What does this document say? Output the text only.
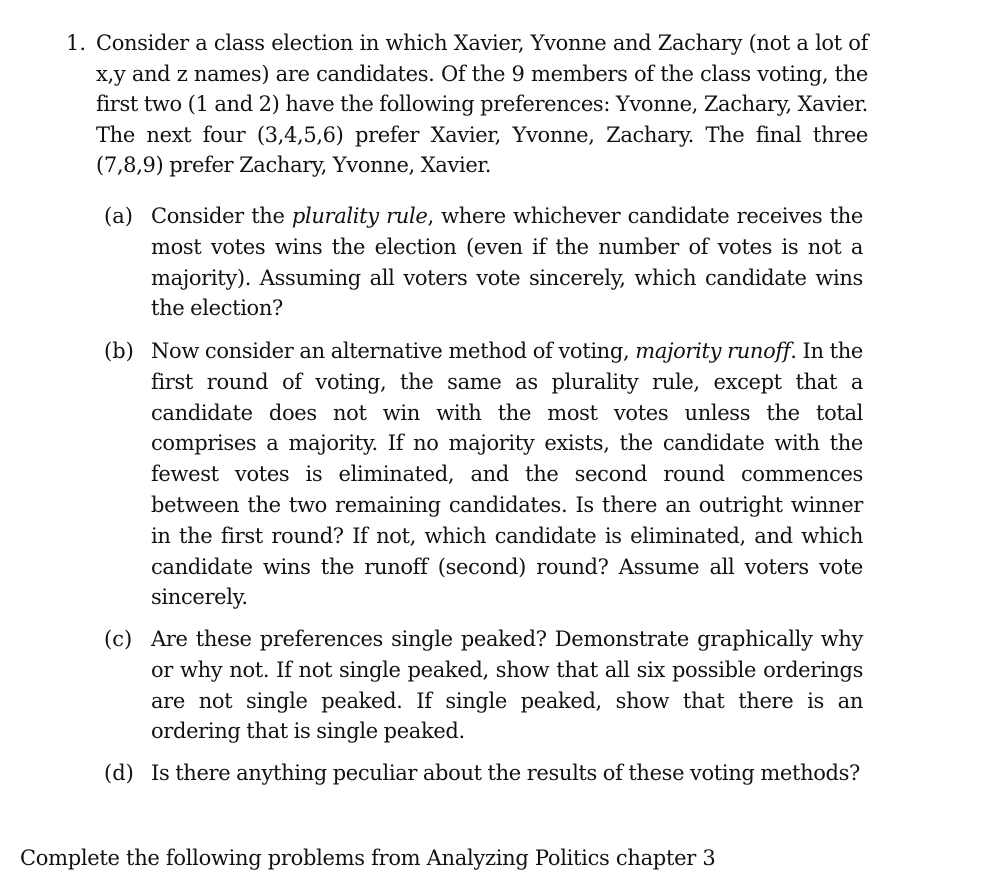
1. Consider a class election in which Xavier, Yvonne and Zachary (not a lot of x,y and z names) are candidates. Of the 9 members of the class voting, the first two (1 and 2) have the following preferences: Yvonne, Zachary, Xavier. The next four (3,4,5,6) prefer Xavier, Yvonne, Zachary. The final three (7,8,9) prefer Zachary, Yvonne, Xavier.
(a) Consider the plurality rule, where whichever candidate receives the most votes wins the election (even if the number of votes is not a majority). Assuming all voters vote sincerely, which candidate wins the election?
(b) Now consider an alternative method of voting, majority runoff. In the first round of voting, the same as plurality rule, except that a candidate does not win with the most votes unless the total comprises a majority. If no majority exists, the candidate with the fewest votes is eliminated, and the second round commences between the two remaining candidates. Is there an outright winner in the first round? If not, which candidate is eliminated, and which candidate wins the runoff (second) round? Assume all voters vote sincerely.
(c) Are these preferences single peaked? Demonstrate graphically why or why not. If not single peaked, show that all six possible orderings are not single peaked. If single peaked, show that there is an ordering that is single peaked.
(d) Is there anything peculiar about the results of these voting methods?
Complete the following problems from Analyzing Politics chapter 3
